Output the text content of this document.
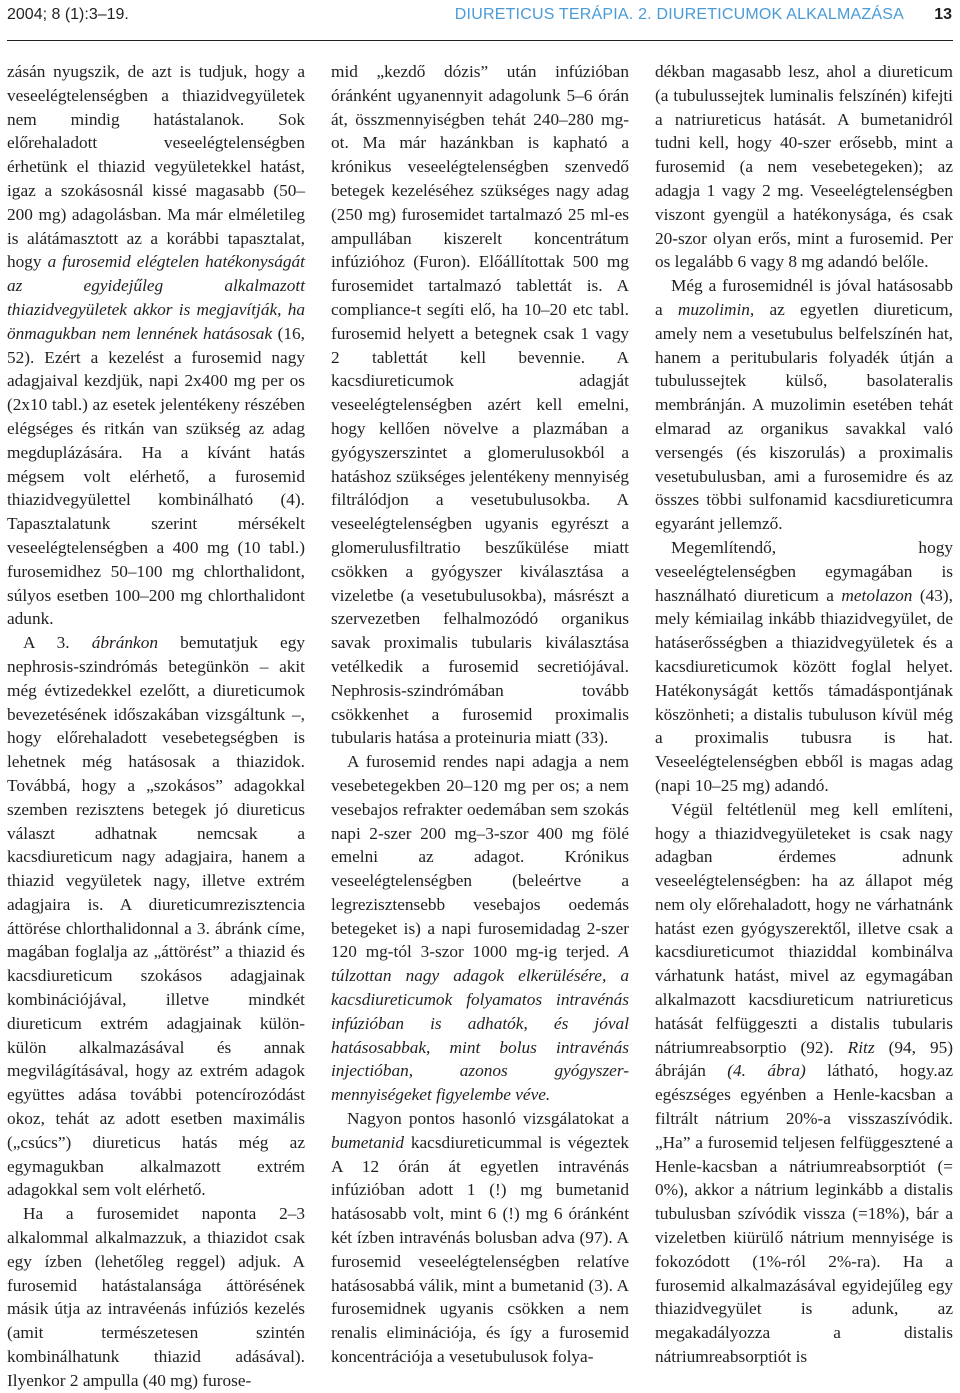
2004; 8 (1):3–19.	DIURETICUS TERÁPIA. 2. DIURETICUMOK ALKALMAZÁSA 13

zásán nyugszik, de azt is tudjuk, hogy a veseelégtelenségben a thiazidvegyületek nem mindig hatástalanok. Sok előrehaladott veseelégtelenségben érhetünk el thiazid vegyületekkel hatást, igaz a szokásosnál kissé magasabb (50–200 mg) adagolásban. Ma már elméletileg is alátámasztott az a korábbi tapasztalat, hogy a furosemid elégtelen hatékonyságát az egyidejűleg alkalmazott thiazidvegyületek akkor is megjavítják, ha önmagukban nem lennének hatásosak (16, 52). Ezért a kezelést a furosemid nagy adagjaival kezdjük, napi 2x400 mg per os (2x10 tabl.) az esetek jelentékeny részében elégséges és ritkán van szükség az adag megduplázására. Ha a kívánt hatás mégsem volt elérhető, a furosemid thiazidvegyülettel kombinálható (4). Tapasztalatunk szerint mérsékelt veseelégtelenségben a 400 mg (10 tabl.) furosemidhez 50–100 mg chlorthalidont, súlyos esetben 100–200 mg chlorthalidont adunk.

A 3. ábránkon bemutatjuk egy nephrosis-szindrómás betegünkön – akit még évtizedekkel ezelőtt, a diureticumok bevezetésének időszakában vizsgáltunk –, hogy előrehaladott vesebetegségben is lehetnek még hatásosak a thiazidok. Továbbá, hogy a „szokásos” adagokkal szemben rezisztens betegek jó diureticus választ adhatnak nemcsak a kacsdiureticum nagy adagjaira, hanem a thiazid vegyületek nagy, illetve extrém adagjaira is. A diureticumrezisztencia áttörése chlorthalidonnal a 3. ábránk címe, magában foglalja az „áttörést” a thiazid és kacsdiureticum szokásos adagjainak kombinációjával, illetve mindkét diureticum extrém adagjainak külön- külön alkalmazásával és annak megvilágításával, hogy az extrém adagok együttes adása további potencírozódást okoz, tehát az adott esetben maximális („csúcs”) diureticus hatás még az egymagukban alkalmazott extrém adagokkal sem volt elérhető.

Ha a furosemidet naponta 2–3 alkalommal alkalmazzuk, a thiazidot csak egy ízben (lehetőleg reggel) adjuk. A furosemid hatástalansága áttörésének másik útja az intravéenás infúziós kezelés (amit természetesen szintén kombinálhatunk thiazid adásával). Ilyenkor 2 ampulla (40 mg) furose-

mid „kezdő dózis” után infúzióban óránként ugyanennyit adagolunk 5–6 órán át, összmennyiségben tehát 240–280 mg-ot. Ma már hazánkban is kapható a krónikus veseelégtelenségben szenvedő betegek kezeléséhez szükséges nagy adag (250 mg) furosemidet tartalmazó 25 ml-es ampullában kiszerelt koncentrátum infúzióhoz (Furon). Előállítottak 500 mg furosemidet tartalmazó tablettát is. A compliance-t segíti elő, ha 10–20 etc tabl. furosemid helyett a betegnek csak 1 vagy 2 tablettát kell bevennie. A kacsdiureticumok adagját veseelégtelenségben azért kell emelni, hogy kellően növelve a plazmában a gyógyszerszintet a glomerulusokból a hatáshoz szükséges jelentékeny mennyiség filtrálódjon a vesetubulusokba. A veseelégtelenségben ugyanis egyrészt a glomerulusfiltratio beszűkülése miatt csökken a gyógyszer kiválasztása a vizeletbe (a vesetubulusokba), másrészt a szervezetben felhalmozódó organikus savak proximalis tubularis kiválasztása vetélkedik a furosemid secretiójával. Nephrosis-szindrómában tovább csökkenhet a furosemid proximalis tubularis hatása a proteinuria miatt (33).

A furosemid rendes napi adagja a nem vesebetegekben 20–120 mg per os; a nem vesebajos refrakter oedemában sem szokás napi 2-szer 200 mg–3-szor 400 mg fölé emelni az adagot. Krónikus veseelégtelenségben (beleértve a legrezisztensebb vesebajos oedemás betegeket is) a napi furosemidadag 2-szer 120 mg-tól 3-szor 1000 mg-ig terjed. A túlzottan nagy adagok elkerülésére, a kacsdiureticumok folyamatos intravénás infúzióban is adhatók, és jóval hatásosabbak, mint bolus intravénás injectióban, azonos gyógyszer-mennyiségeket figyelembe véve.

Nagyon pontos hasonló vizsgálatokat a bumetanid kacsdiureticummal is végeztek A 12 órán át egyetlen intravénás infúzióban adott 1 (!) mg bumetanid hatásosabb volt, mint 6 (!) mg 6 óránként két ízben intravénás bolusban adva (97). A furosemid veseelégtelenségben relatíve hatásosabbá válik, mint a bumetanid (3). A furosemidnek ugyanis csökken a nem renalis eliminációja, és így a furosemid koncentrációja a vesetubulusok folya-

dékban magasabb lesz, ahol a diureticum (a tubulussejtek luminalis felszínén) kifejti a natriureticus hatását. A bumetanidról tudni kell, hogy 40-szer erősebb, mint a furosemid (a nem vesebetegeken); az adagja 1 vagy 2 mg. Veseelégtelenségben viszont gyengül a hatékonysága, és csak 20-szor olyan erős, mint a furosemid. Per os legalább 6 vagy 8 mg adandó belőle.

Még a furosemidnél is jóval hatásosabb a muzolimin, az egyetlen diureticum, amely nem a vesetubulus belfelszínén hat, hanem a peritubularis folyadék útján a tubulussejtek külső, basolateralis membránján. A muzolimin esetében tehát elmarad az organikus savakkal való versengés (és kiszorulás) a proximalis vesetubulusban, ami a furosemidre és az összes többi sulfonamid kacsdiureticumra egyaránt jellemző.

Megemlítendő, hogy veseelégtelenségben egymagában is használható diureticum a metolazon (43), mely kémiailag inkább thiazidvegyület, de hatáserősségben a thiazidvegyületek és a kacsdiureticumok között foglal helyet. Hatékonyságát kettős támadáspontjának köszönheti; a distalis tubuluson kívül még a proximalis tubusra is hat. Veseelégtelenségben ebből is magas adag (napi 10–25 mg) adandó.

Végül feltétlenül meg kell említeni, hogy a thiazidvegyületeket is csak nagy adagban érdemes adnunk veseelégtelenségben: ha az állapot még nem oly előrehaladott, hogy ne várhatnánk hatást ezen gyógyszerektől, illetve csak a kacsdiureticumot thiaziddal kombinálva várhatunk hatást, mivel az egymagában alkalmazott kacsdiureticum natriureticus hatását felfüggeszti a distalis tubularis nátriumreabsorptio (92). Ritz (94, 95) ábráján (4. ábra) látható, hogy.az egészséges egyénben a Henle-kacsban a filtrált nátrium 20%-a visszaszívódik. „Ha” a furosemid teljesen felfüggesztené a Henle-kacsban a nátriumreabsorptiót (= 0%), akkor a nátrium leginkább a distalis tubulusban szívódik vissza (=18%), bár a vizeletben kiürülő nátrium mennyisége is fokozódott (1%-ról 2%-ra). Ha a furosemid alkalmazásával egyidejűleg egy thiazidvegyület is adunk, az megakadályozza a distalis nátriumreabsorptiót is
